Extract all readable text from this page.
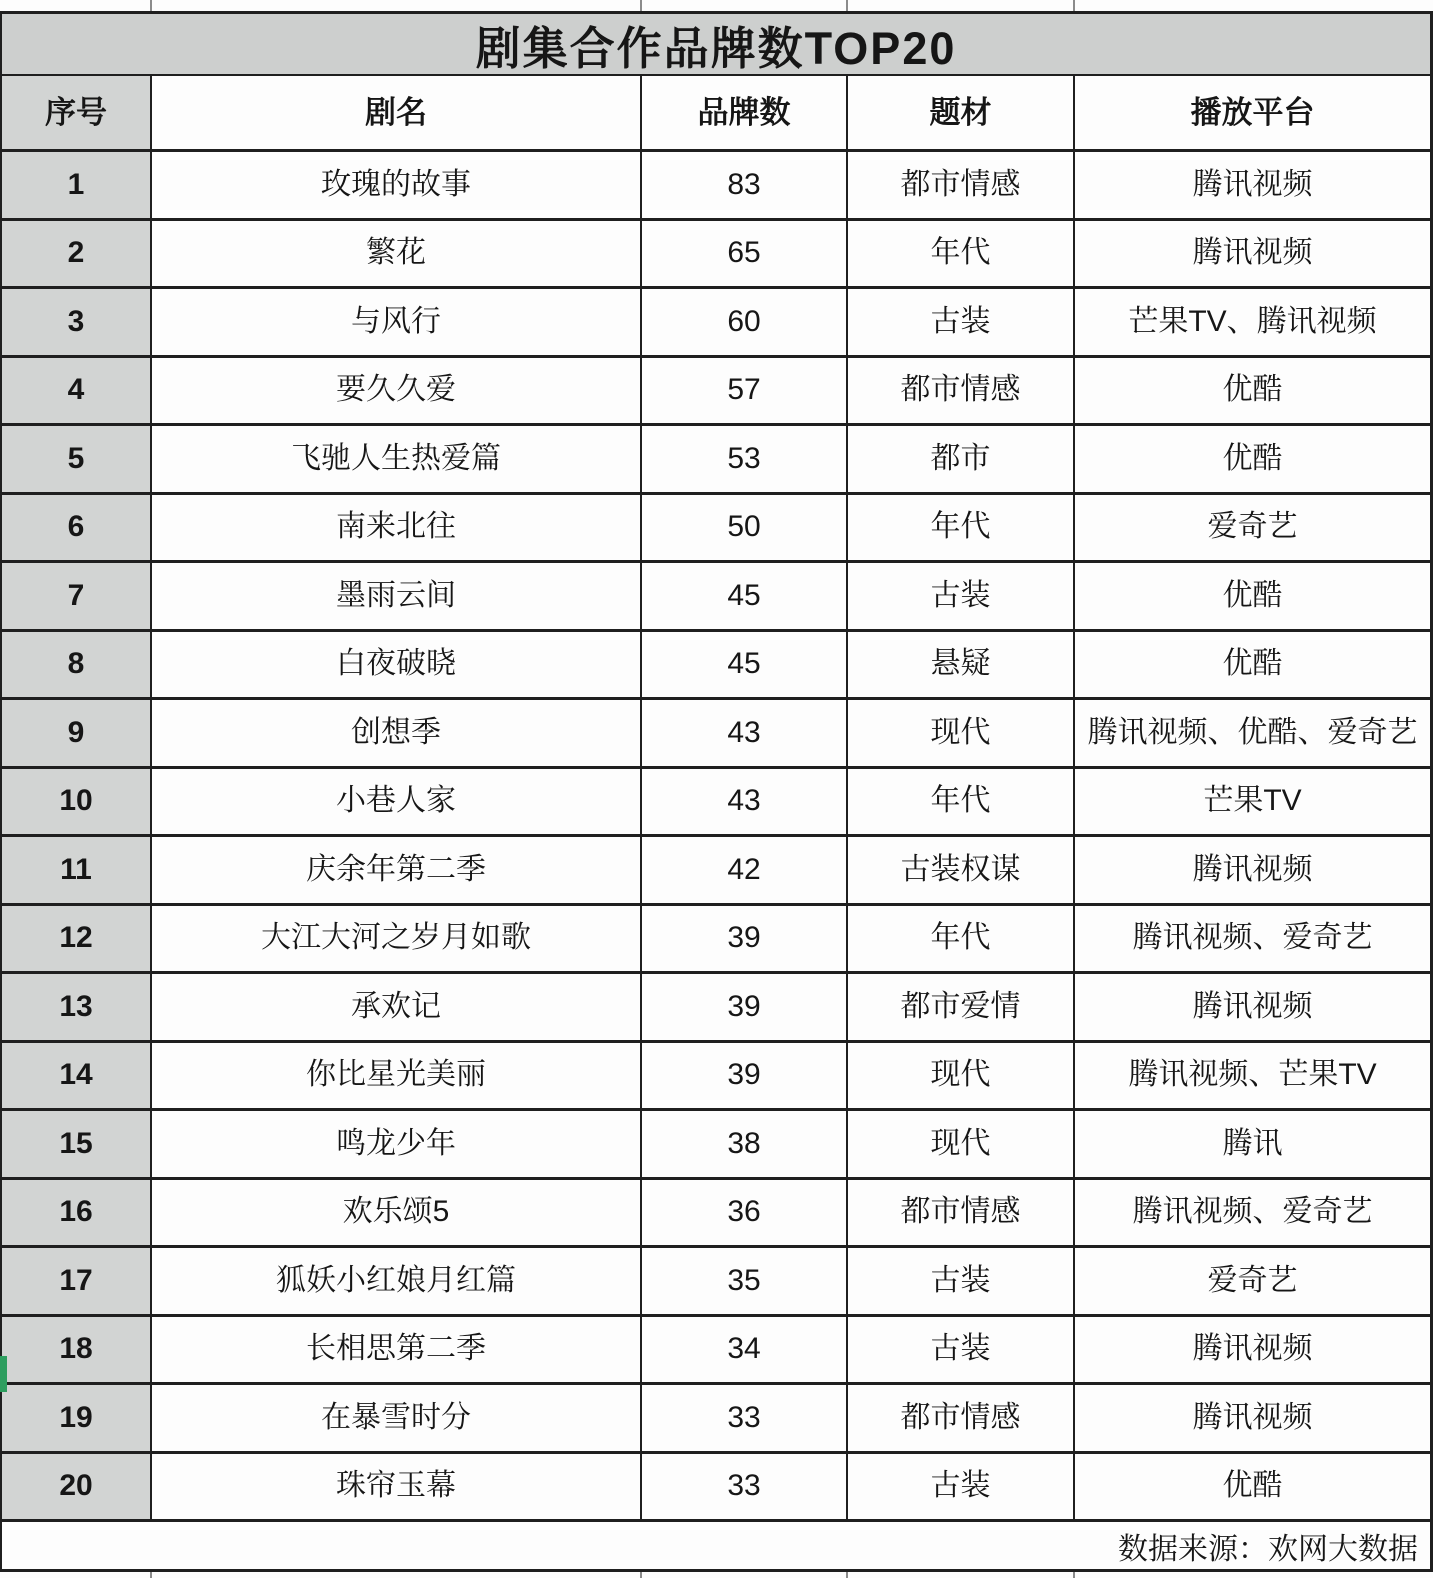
剧集合作品牌数TOP20
序号	剧名	品牌数	题材	播放平台
1	玫瑰的故事	83	都市情感	腾讯视频
2	繁花	65	年代	腾讯视频
3	与风行	60	古装	芒果TV、腾讯视频
4	要久久爱	57	都市情感	优酷
5	飞驰人生热爱篇	53	都市	优酷
6	南来北往	50	年代	爱奇艺
7	墨雨云间	45	古装	优酷
8	白夜破晓	45	悬疑	优酷
9	创想季	43	现代	腾讯视频、优酷、爱奇艺
10	小巷人家	43	年代	芒果TV
11	庆余年第二季	42	古装权谋	腾讯视频
12	大江大河之岁月如歌	39	年代	腾讯视频、爱奇艺
13	承欢记	39	都市爱情	腾讯视频
14	你比星光美丽	39	现代	腾讯视频、芒果TV
15	鸣龙少年	38	现代	腾讯
16	欢乐颂5	36	都市情感	腾讯视频、爱奇艺
17	狐妖小红娘月红篇	35	古装	爱奇艺
18	长相思第二季	34	古装	腾讯视频
19	在暴雪时分	33	都市情感	腾讯视频
20	珠帘玉幕	33	古装	优酷
数据来源：欢网大数据
